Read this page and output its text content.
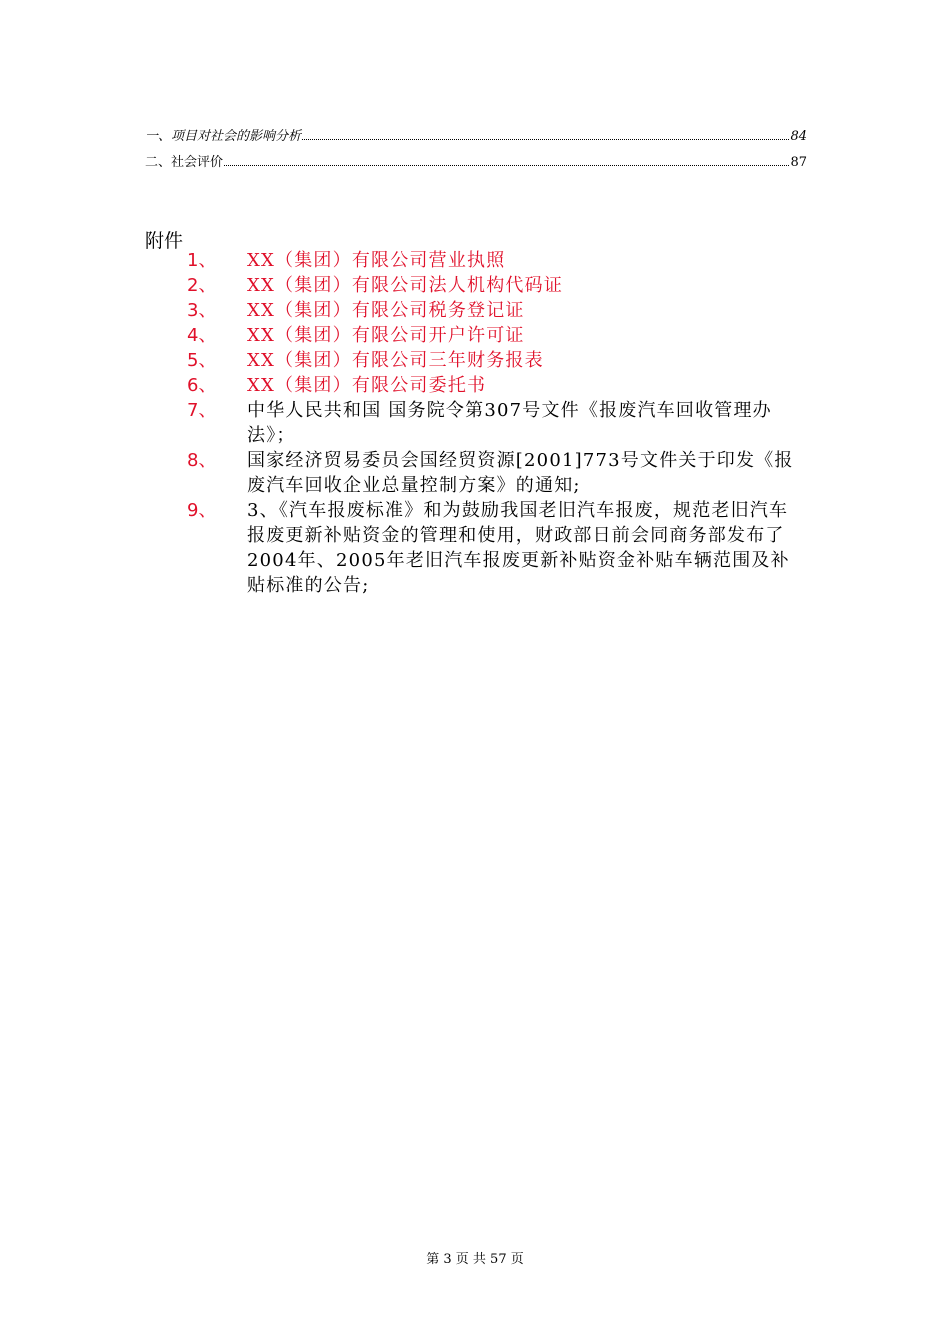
一、项目对社会的影响分析	84
二、社会评价	87
附件
1、	XX（集团）有限公司营业执照
2、	XX（集团）有限公司法人机构代码证
3、	XX（集团）有限公司税务登记证
4、	XX（集团）有限公司开户许可证
5、	XX（集团）有限公司三年财务报表
6、	XX（集团）有限公司委托书
7、	中华人民共和国 国务院令第307号文件《报废汽车回收管理办法》；
8、	国家经济贸易委员会国经贸资源[2001]773号文件关于印发《报废汽车回收企业总量控制方案》的通知;
9、	3、《汽车报废标准》和为鼓励我国老旧汽车报废，规范老旧汽车报废更新补贴资金的管理和使用，财政部日前会同商务部发布了2004年、2005年老旧汽车报废更新补贴资金补贴车辆范围及补贴标准的公告;
第 3 页 共 57 页
